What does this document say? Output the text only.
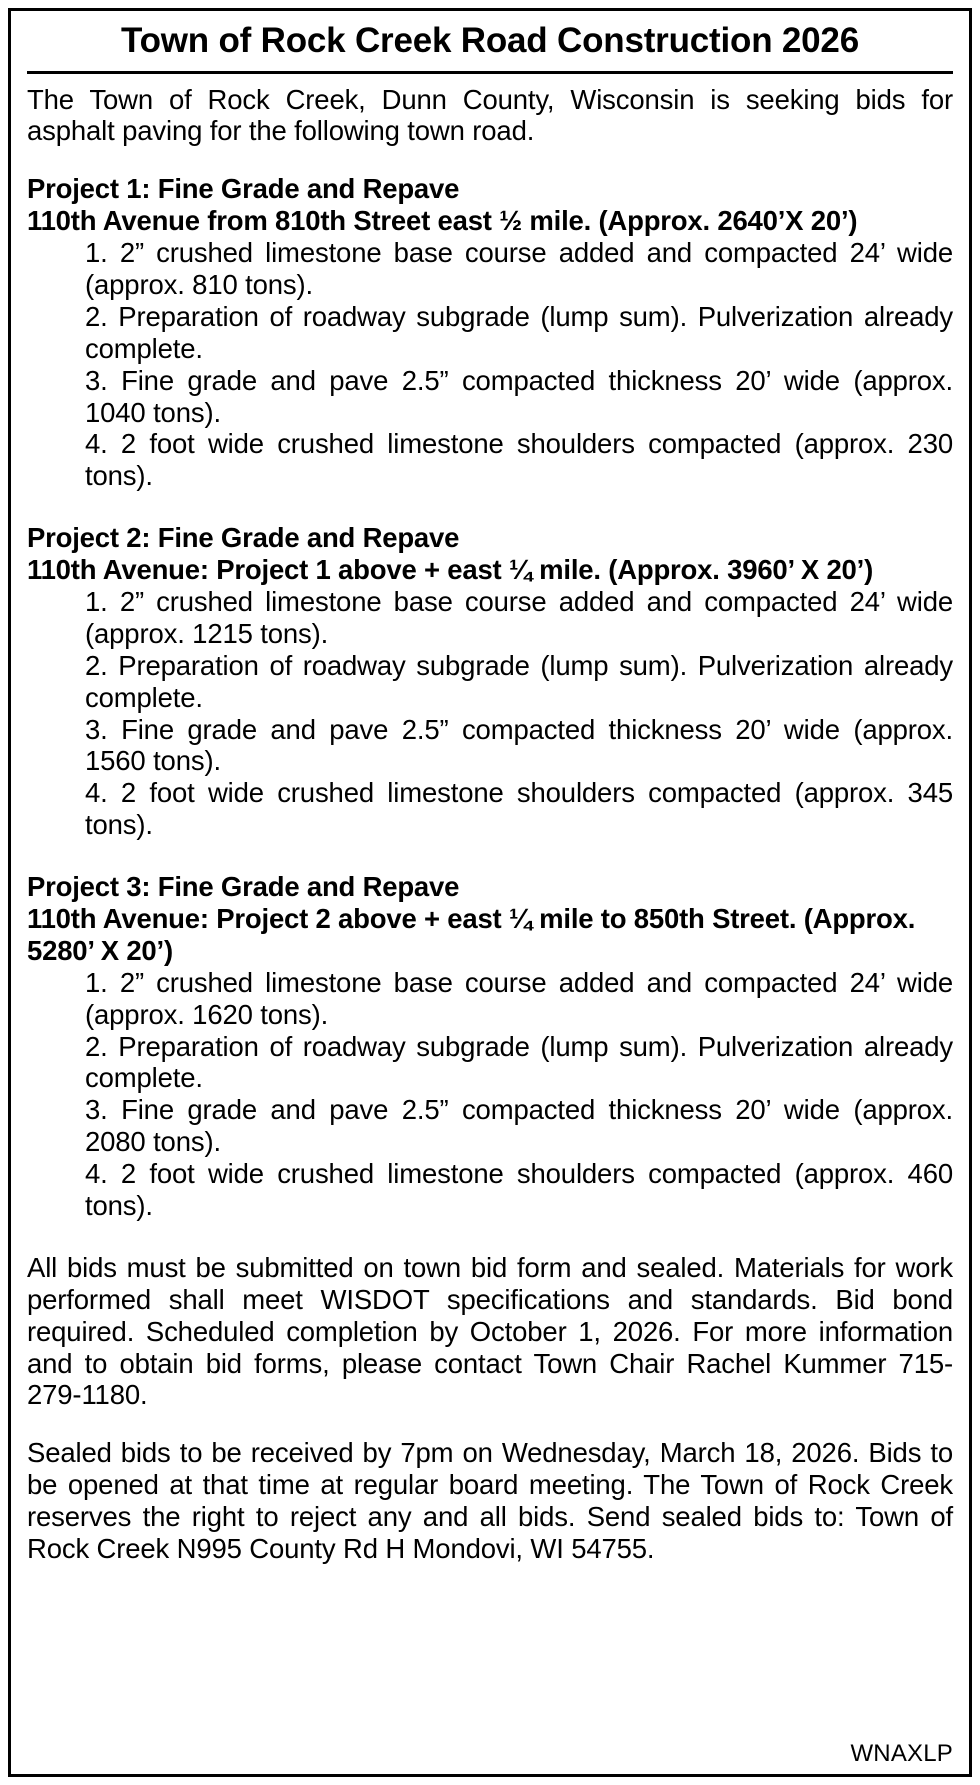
Town of Rock Creek Road Construction 2026

The Town of Rock Creek, Dunn County, Wisconsin is seeking bids for asphalt paving for the following town road.

Project 1: Fine Grade and Repave

110th Avenue from 810th Street east ½ mile. (Approx. 2640’X 20’)

1. 2” crushed limestone base course added and compacted 24’ wide (approx. 810 tons).
2. Preparation of roadway subgrade (lump sum). Pulverization already complete.
3. Fine grade and pave 2.5” compacted thickness 20’ wide (approx. 1040 tons).
4. 2 foot wide crushed limestone shoulders compacted (approx. 230 tons).

Project 2: Fine Grade and Repave

110th Avenue: Project 1 above + east ¼ mile. (Approx. 3960’ X 20’)

1. 2” crushed limestone base course added and compacted 24’ wide (approx. 1215 tons).
2. Preparation of roadway subgrade (lump sum). Pulverization already complete.
3. Fine grade and pave 2.5” compacted thickness 20’ wide (approx. 1560 tons).
4. 2 foot wide crushed limestone shoulders compacted (approx. 345 tons).

Project 3: Fine Grade and Repave

110th Avenue: Project 2 above + east ¼ mile to 850th Street. (Approx. 5280’ X 20’)

1. 2” crushed limestone base course added and compacted 24’ wide (approx. 1620 tons).
2. Preparation of roadway subgrade (lump sum). Pulverization already complete.
3. Fine grade and pave 2.5” compacted thickness 20’ wide (approx. 2080 tons).
4. 2 foot wide crushed limestone shoulders compacted (approx. 460 tons).

All bids must be submitted on town bid form and sealed. Materials for work performed shall meet WISDOT specifications and standards. Bid bond required. Scheduled completion by October 1, 2026. For more information and to obtain bid forms, please contact Town Chair Rachel Kummer 715-279-1180.

Sealed bids to be received by 7pm on Wednesday, March 18, 2026. Bids to be opened at that time at regular board meeting. The Town of Rock Creek reserves the right to reject any and all bids. Send sealed bids to: Town of Rock Creek N995 County Rd H Mondovi, WI 54755.

WNAXLP
